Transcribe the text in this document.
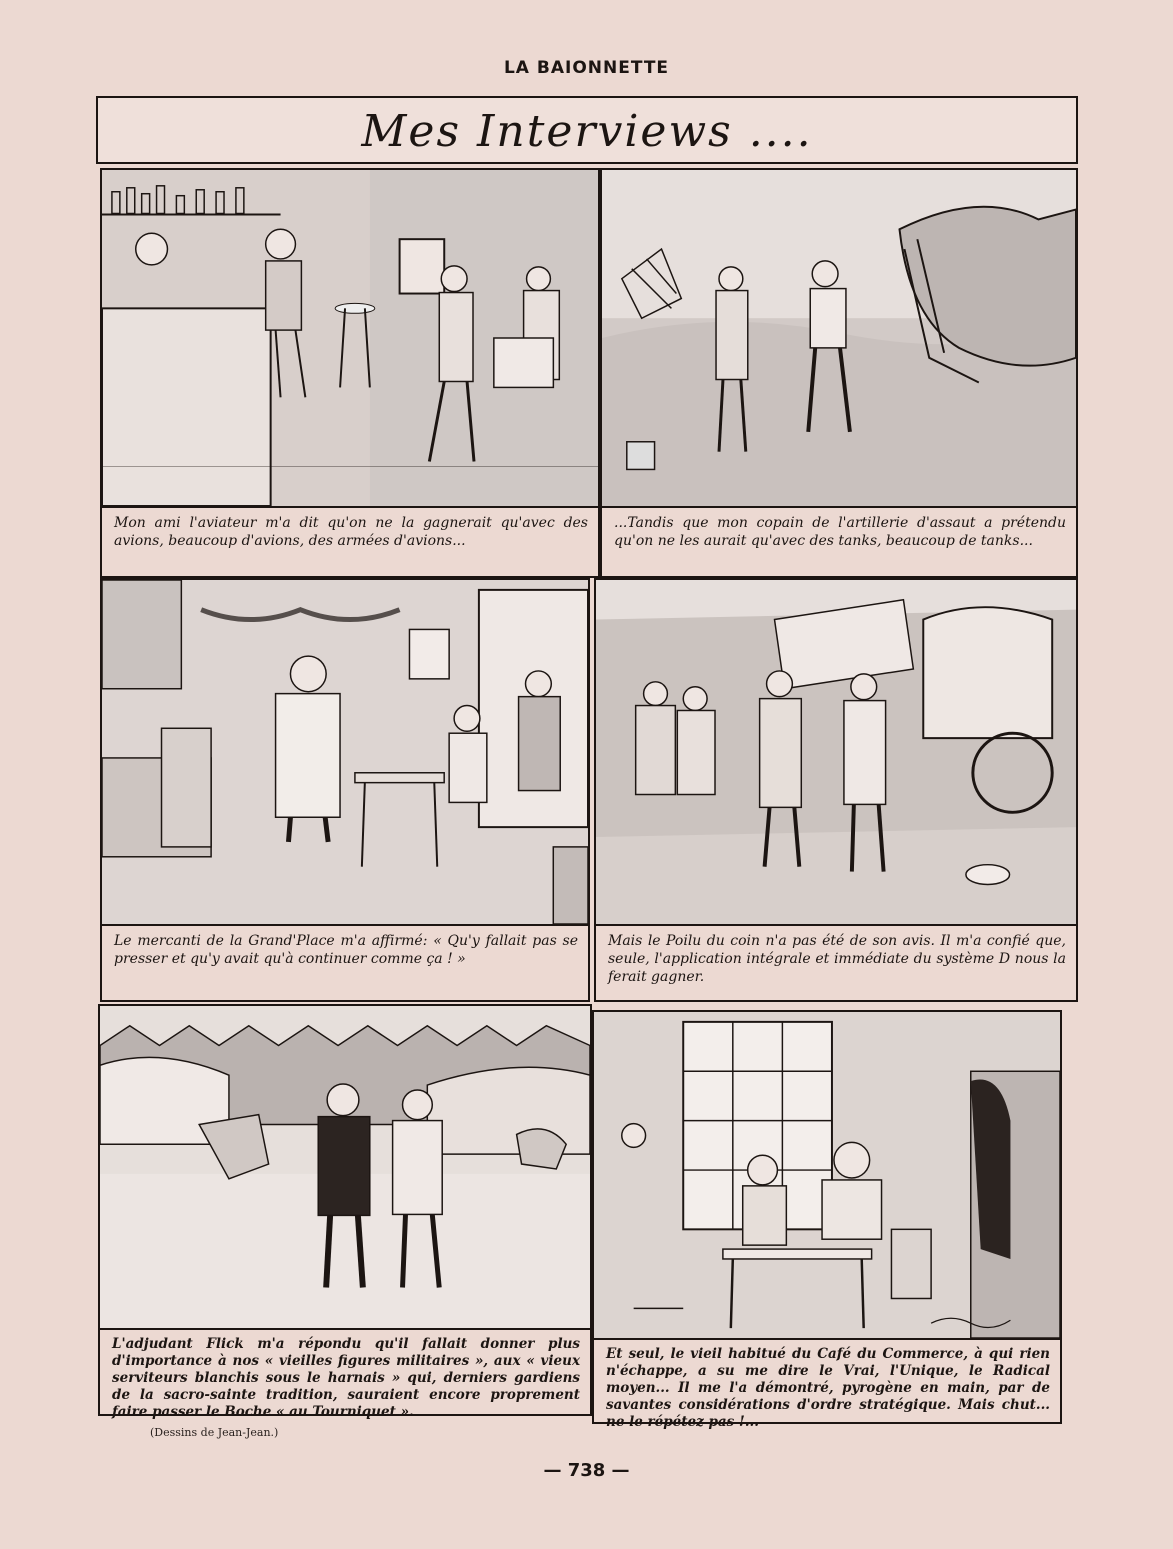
LA BAIONNETTE
Mes Interviews ....
Mon ami l'aviateur m'a dit qu'on ne la gagnerait qu'avec des avions, beaucoup d'avions, des armées d'avions...
...Tandis que mon copain de l'artillerie d'assaut a prétendu qu'on ne les aurait qu'avec des tanks, beaucoup de tanks...
Le mercanti de la Grand'Place m'a affirmé: « Qu'y fallait pas se presser et qu'y avait qu'à continuer comme ça ! »
Mais le Poilu du coin n'a pas été de son avis. Il m'a confié que, seule, l'application intégrale et immédiate du système D nous la ferait gagner.
L'adjudant Flick m'a répondu qu'il fallait donner plus d'importance à nos « vieilles figures militaires », aux « vieux serviteurs blanchis sous le harnais » qui, derniers gardiens de la sacro-sainte tradition, sauraient encore proprement faire passer le Boche « au Tourniquet ».
Et seul, le vieil habitué du Café du Commerce, à qui rien n'échappe, a su me dire le Vrai, l'Unique, le Radical moyen... Il me l'a démontré, pyrogène en main, par de savantes considérations d'ordre stratégique. Mais chut... ne le répétez pas !...
(Dessins de Jean-Jean.)
— 738 —
